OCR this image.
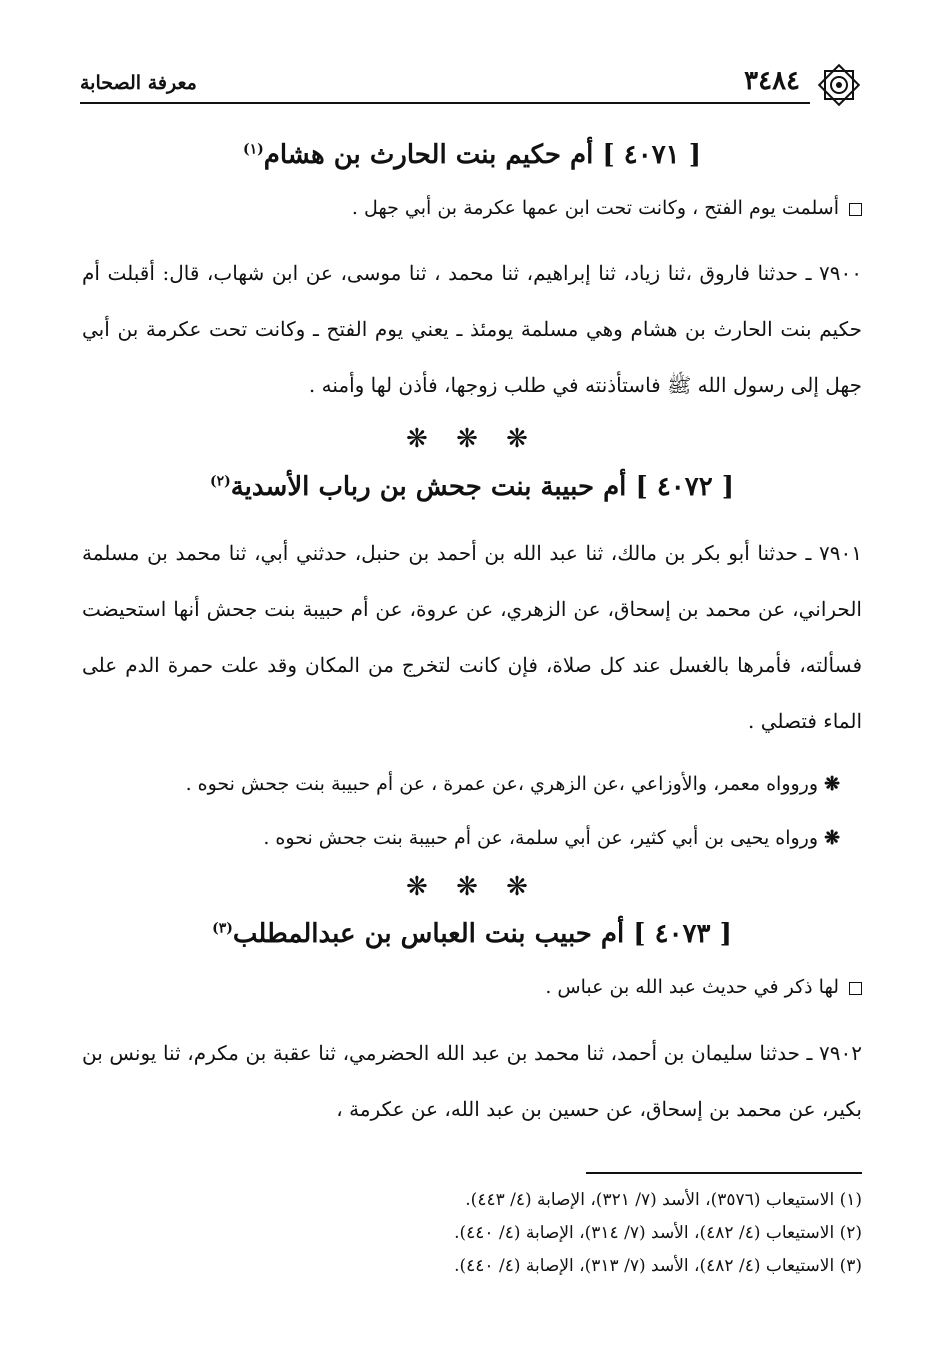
٣٤٨٤
معرفة الصحابة
[ ٤٠٧١ ] أم حكيم بنت الحارث بن هشام$^{(١)}$
أسلمت يوم الفتح ، وكانت تحت ابن عمها عكرمة بن أبي جهل .

٧٩٠٠ ـ حدثنا فاروق ،ثنا زياد، ثنا إبراهيم، ثنا محمد ، ثنا موسى، عن ابن شهاب، قال: أقبلت أم حكيم بنت الحارث بن هشام وهي مسلمة يومئذ ـ يعني يوم الفتح ـ وكانت تحت عكرمة بن أبي جهل إلى رسول الله ﷺ فاستأذنته في طلب زوجها، فأذن لها وأمنه .

❋ ❋ ❋
[ ٤٠٧٢ ] أم حبيبة بنت جحش بن رباب الأسدية$^{(٢)}$

٧٩٠١ ـ حدثنا أبو بكر بن مالك، ثنا عبد الله بن أحمد بن حنبل، حدثني أبي، ثنا محمد بن مسلمة الحراني، عن محمد بن إسحاق، عن الزهري، عن عروة، عن أم حبيبة بنت جحش أنها استحيضت فسألته، فأمرها بالغسل عند كل صلاة، فإن كانت لتخرج من المكان وقد علت حمرة الدم على الماء فتصلي .

❋ وروواه معمر، والأوزاعي ،عن الزهري ،عن عمرة ، عن أم حبيبة بنت جحش نحوه .
❋ ورواه يحيى بن أبي كثير، عن أبي سلمة، عن أم حبيبة بنت جحش نحوه .
❋ ❋ ❋
[ ٤٠٧٣ ] أم حبيب بنت العباس بن عبدالمطلب$^{(٣)}$
لها ذكر في حديث عبد الله بن عباس .

٧٩٠٢ ـ حدثنا سليمان بن أحمد، ثنا محمد بن عبد الله الحضرمي، ثنا عقبة بن مكرم، ثنا يونس بن بكير، عن محمد بن إسحاق، عن حسين بن عبد الله، عن عكرمة ،

(١) الاستيعاب (٣٥٧٦)، الأسد (٧/ ٣٢١)، الإصابة (٤/ ٤٤٣).
(٢) الاستيعاب (٤/ ٤٨٢)، الأسد (٧/ ٣١٤)، الإصابة (٤/ ٤٤٠).
(٣) الاستيعاب (٤/ ٤٨٢)، الأسد (٧/ ٣١٣)، الإصابة (٤/ ٤٤٠).
